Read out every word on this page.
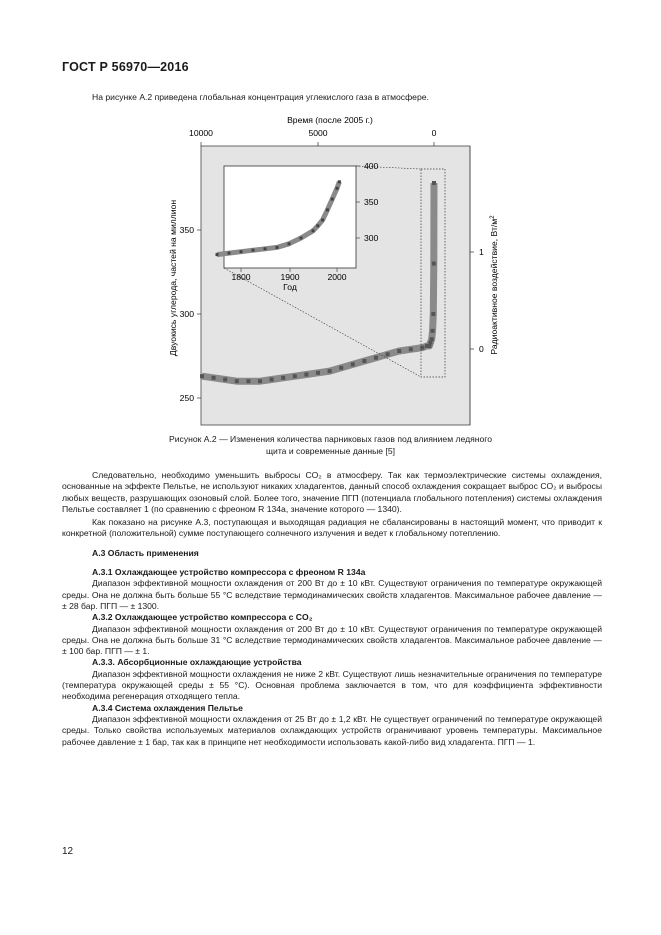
ГОСТ Р 56970—2016
На рисунке А.2 приведена глобальная концентрация углекислого газа в атмосфере.
Время (после 2005 г.)
10000	5000	0
Двуокись углерода, частей на миллион 350
300
250
1
0 Радиоактивное воздействие, $Вт/м^2$
400
350
300
1800	1900	2000
Год
Рисунок А.2 — Изменения количества парниковых газов под влиянием ледяного
щита и современные данные [5]

Следовательно, необходимо уменьшить выбросы CO₂ в атмосферу. Так как термоэлектрические системы охлаждения, основанные на эффекте Пельтье, не используют никаких хладагентов, данный способ охлаждения сокращает выброс CO₂ и выбросы любых веществ, разрушающих озоновый слой. Более того, значение ПГП (потенциала глобального потепления) системы охлаждения Пельтье составляет 1 (по сравнению с фреоном R 134a, значение которого — 1340).

Как показано на рисунке А.3, поступающая и выходящая радиация не сбалансированы в настоящий момент, что приводит к конкретной (положительной) сумме поступающего солнечного излучения и ведет к глобальному потеплению.

А.3 Область применения

А.3.1 Охлаждающее устройство компрессора с фреоном R 134a

Диапазон эффективной мощности охлаждения от 200 Вт до ± 10 кВт. Существуют ограничения по температуре окружающей среды. Она не должна быть больше 55 °С вследствие термодинамических свойств хладагентов. Максимальное рабочее давление — ± 28 бар. ПГП — ± 1300.

А.3.2 Охлаждающее устройство компрессора с CO₂

Диапазон эффективной мощности охлаждения от 200 Вт до ± 10 кВт. Существуют ограничения по температуре окружающей среды. Она не должна быть больше 31 °С вследствие термодинамических свойств хладагентов. Максимальное рабочее давление — ± 100 бар. ПГП — ± 1.

А.3.3. Абсорбционные охлаждающие устройства

Диапазон эффективной мощности охлаждения не ниже 2 кВт. Существуют лишь незначительные ограничения по температуре (температура окружающей среды ± 55 °С). Основная проблема заключается в том, что для коэффициента эффективности необходима регенерация отходящего тепла.

А.3.4 Система охлаждения Пельтье

Диапазон эффективной мощности охлаждения от 25 Вт до ± 1,2 кВт. Не существует ограничений по температуре окружающей среды. Только свойства используемых материалов охлаждающих устройств ограничивают уровень температуры. Максимальное рабочее давление ± 1 бар, так как в принципе нет необходимости использовать какой-либо вид хладагента. ПГП — 1.

12
